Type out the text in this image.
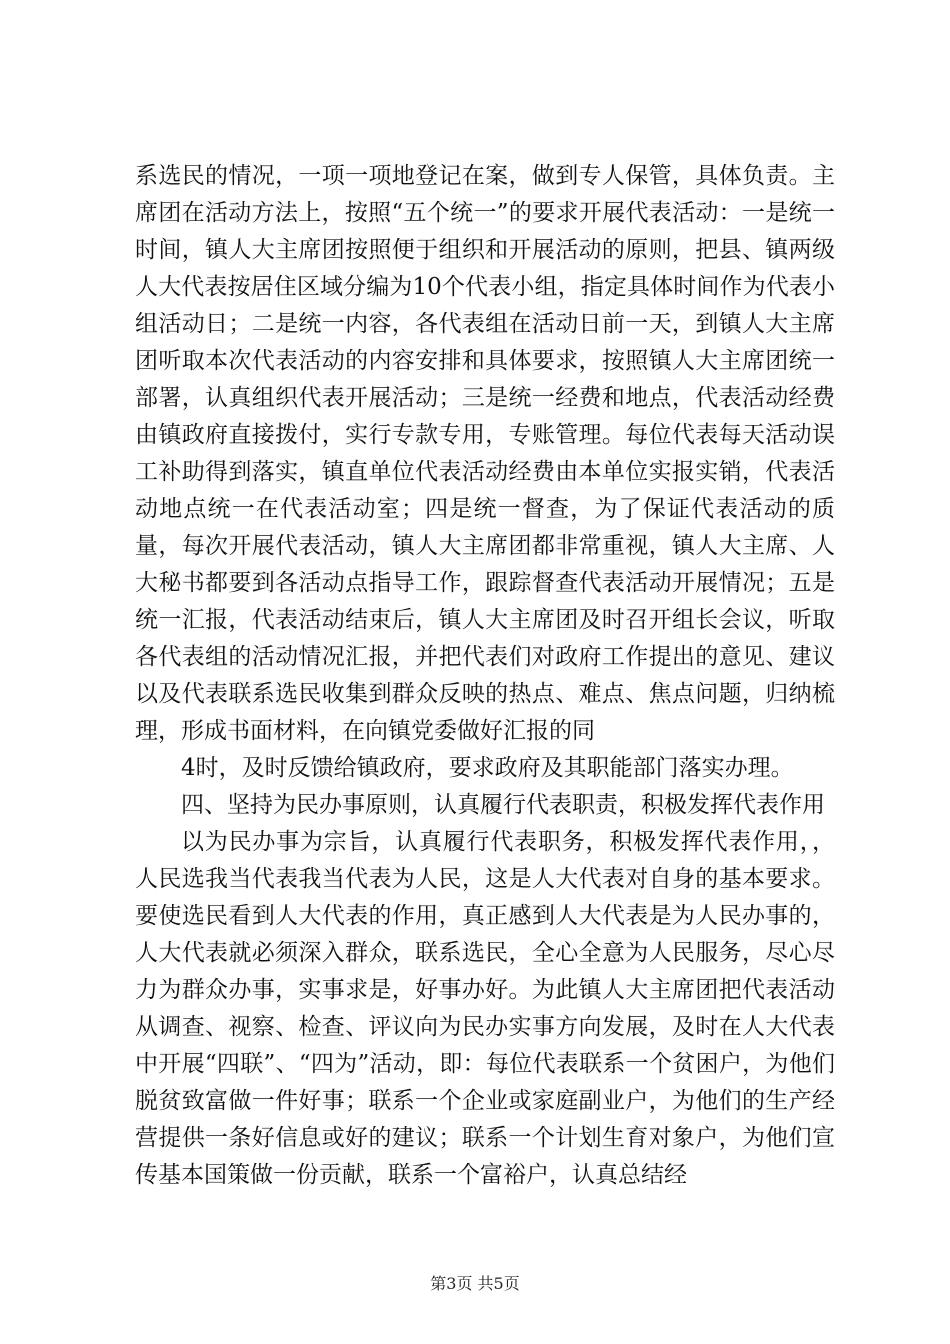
系选民的情况，一项一项地登记在案，做到专人保管，具体负责。主席团在活动方法上，按照“五个统一”的要求开展代表活动：一是统一时间，镇人大主席团按照便于组织和开展活动的原则，把县、镇两级人大代表按居住区域分编为10个代表小组，指定具体时间作为代表小组活动日；二是统一内容，各代表组在活动日前一天，到镇人大主席团听取本次代表活动的内容安排和具体要求，按照镇人大主席团统一部署，认真组织代表开展活动；三是统一经费和地点，代表活动经费由镇政府直接拨付，实行专款专用，专账管理。每位代表每天活动误工补助得到落实，镇直单位代表活动经费由本单位实报实销，代表活动地点统一在代表活动室；四是统一督查，为了保证代表活动的质量，每次开展代表活动，镇人大主席团都非常重视，镇人大主席、人大秘书都要到各活动点指导工作，跟踪督查代表活动开展情况；五是统一汇报，代表活动结束后，镇人大主席团及时召开组长会议，听取各代表组的活动情况汇报，并把代表们对政府工作提出的意见、建议以及代表联系选民收集到群众反映的热点、难点、焦点问题，归纳梳理，形成书面材料，在向镇党委做好汇报的同

4时，及时反馈给镇政府，要求政府及其职能部门落实办理。

四、坚持为民办事原则，认真履行代表职责，积极发挥代表作用

以为民办事为宗旨，认真履行代表职务，积极发挥代表作用，，人民选我当代表我当代表为人民，这是人大代表对自身的基本要求。要使选民看到人大代表的作用，真正感到人大代表是为人民办事的，人大代表就必须深入群众，联系选民，全心全意为人民服务，尽心尽力为群众办事，实事求是，好事办好。为此镇人大主席团把代表活动从调查、视察、检查、评议向为民办实事方向发展，及时在人大代表中开展“四联”、“四为”活动，即：每位代表联系一个贫困户，为他们脱贫致富做一件好事；联系一个企业或家庭副业户，为他们的生产经营提供一条好信息或好的建议；联系一个计划生育对象户，为他们宣传基本国策做一份贡献，联系一个富裕户，认真总结经

第3页 共5页
